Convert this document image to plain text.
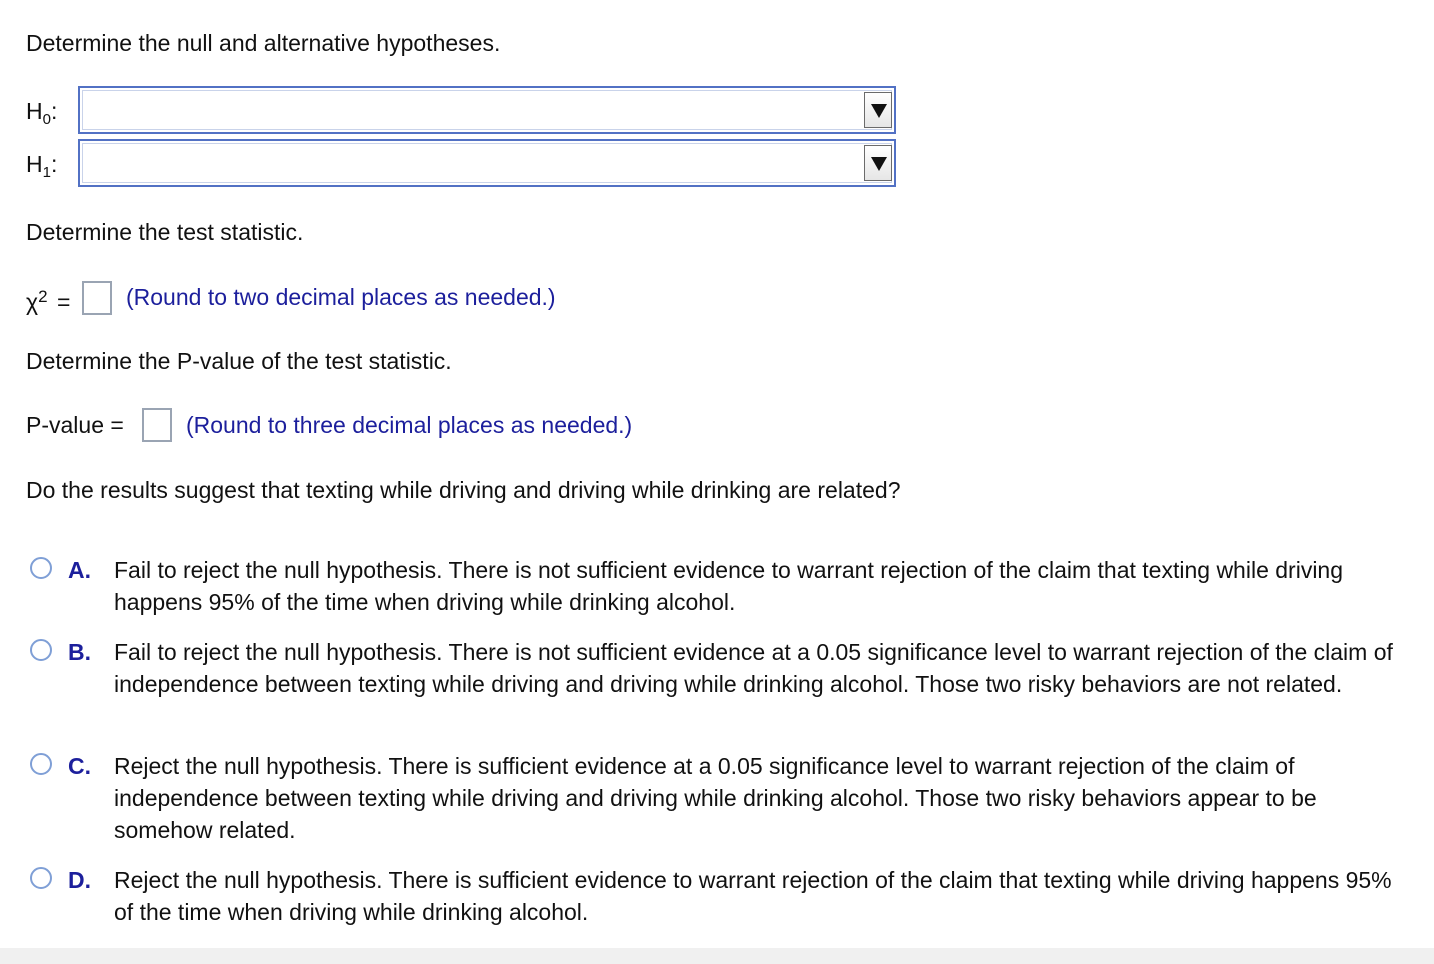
Determine the null and alternative hypotheses.
$H_0$:
$H_1$:
Determine the test statistic.
$\chi^2$ = (Round to two decimal places as needed.)
Determine the P-value of the test statistic.
P-value =	(Round to three decimal places as needed.)
Do the results suggest that texting while driving and driving while drinking are related?
A. Fail to reject the null hypothesis. There is not sufficient evidence to warrant rejection of the claim that texting while driving happens 95% of the time when driving while drinking alcohol.
B. Fail to reject the null hypothesis. There is not sufficient evidence at a 0.05 significance level to warrant rejection of the claim of independence between texting while driving and driving while drinking alcohol. Those two risky behaviors are not related.
C. Reject the null hypothesis. There is sufficient evidence at a 0.05 significance level to warrant rejection of the claim of independence between texting while driving and driving while drinking alcohol. Those two risky behaviors appear to be somehow related.
D. Reject the null hypothesis. There is sufficient evidence to warrant rejection of the claim that texting while driving happens 95% of the time when driving while drinking alcohol.
